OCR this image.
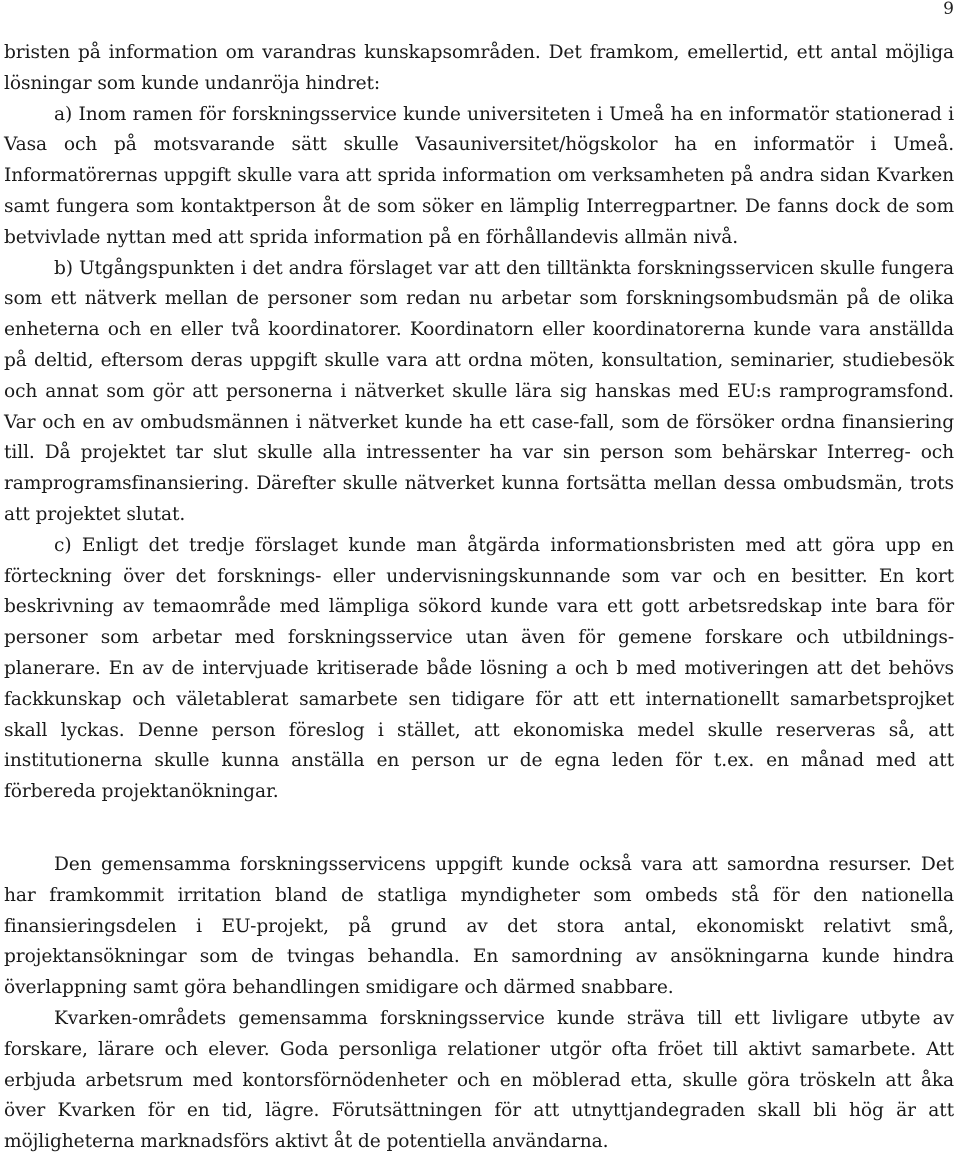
9

bristen på information om varandras kunskapsområden. Det framkom, emellertid, ett antal möjliga lösningar som kunde undanröja hindret:

a) Inom ramen för forskningsservice kunde universiteten i Umeå ha en informatör stationerad i Vasa och på motsvarande sätt skulle Vasauniversitet/högskolor ha en informatör i Umeå. Informatörernas uppgift skulle vara att sprida information om verksamheten på andra sidan Kvarken samt fungera som kontaktperson åt de som söker en lämplig Interregpartner. De fanns dock de som betvivlade nyttan med att sprida information på en förhållandevis allmän nivå.

b) Utgångspunkten i det andra förslaget var att den tilltänkta forskningsservicen skulle fungera som ett nätverk mellan de personer som redan nu arbetar som forskningsombudsmän på de olika enheterna och en eller två koordinatorer. Koordinatorn eller koordinatorerna kunde vara anställda på deltid, eftersom deras uppgift skulle vara att ordna möten, konsultation, seminarier, studiebesök och annat som gör att personerna i nätverket skulle lära sig hanskas med EU:s ramprogramsfond. Var och en av ombudsmännen i nätverket kunde ha ett case-fall, som de försöker ordna finansiering till. Då projektet tar slut skulle alla intressenter ha var sin person som behärskar Interreg- och ramprogramsfinansiering. Därefter skulle nätverket kunna fortsätta mellan dessa ombudsmän, trots att projektet slutat.

c) Enligt det tredje förslaget kunde man åtgärda informationsbristen med att göra upp en förteckning över det forsknings- eller undervisningskunnande som var och en besitter. En kort beskrivning av temaområde med lämpliga sökord kunde vara ett gott arbetsredskap inte bara för personer som arbetar med forskningsservice utan även för gemene forskare och utbildnings-planerare. En av de intervjuade kritiserade både lösning a och b med motiveringen att det behövs fackkunskap och väletablerat samarbete sen tidigare för att ett internationellt samarbetsprojket skall lyckas. Denne person föreslog i stället, att ekonomiska medel skulle reserveras så, att institutionerna skulle kunna anställa en person ur de egna leden för t.ex. en månad med att förbereda projektanökningar.

Den gemensamma forskningsservicens uppgift kunde också vara att samordna resurser. Det har framkommit irritation bland de statliga myndigheter som ombeds stå för den nationella finansieringsdelen i EU-projekt, på grund av det stora antal, ekonomiskt relativt små, projektansökningar som de tvingas behandla. En samordning av ansökningarna kunde hindra överlappning samt göra behandlingen smidigare och därmed snabbare.

Kvarken-områdets gemensamma forskningsservice kunde sträva till ett livligare utbyte av forskare, lärare och elever. Goda personliga relationer utgör ofta fröet till aktivt samarbete. Att erbjuda arbetsrum med kontorsförnödenheter och en möblerad etta, skulle göra tröskeln att åka över Kvarken för en tid, lägre. Förutsättningen för att utnyttjandegraden skall bli hög är att möjligheterna marknadsförs aktivt åt de potentiella användarna.
